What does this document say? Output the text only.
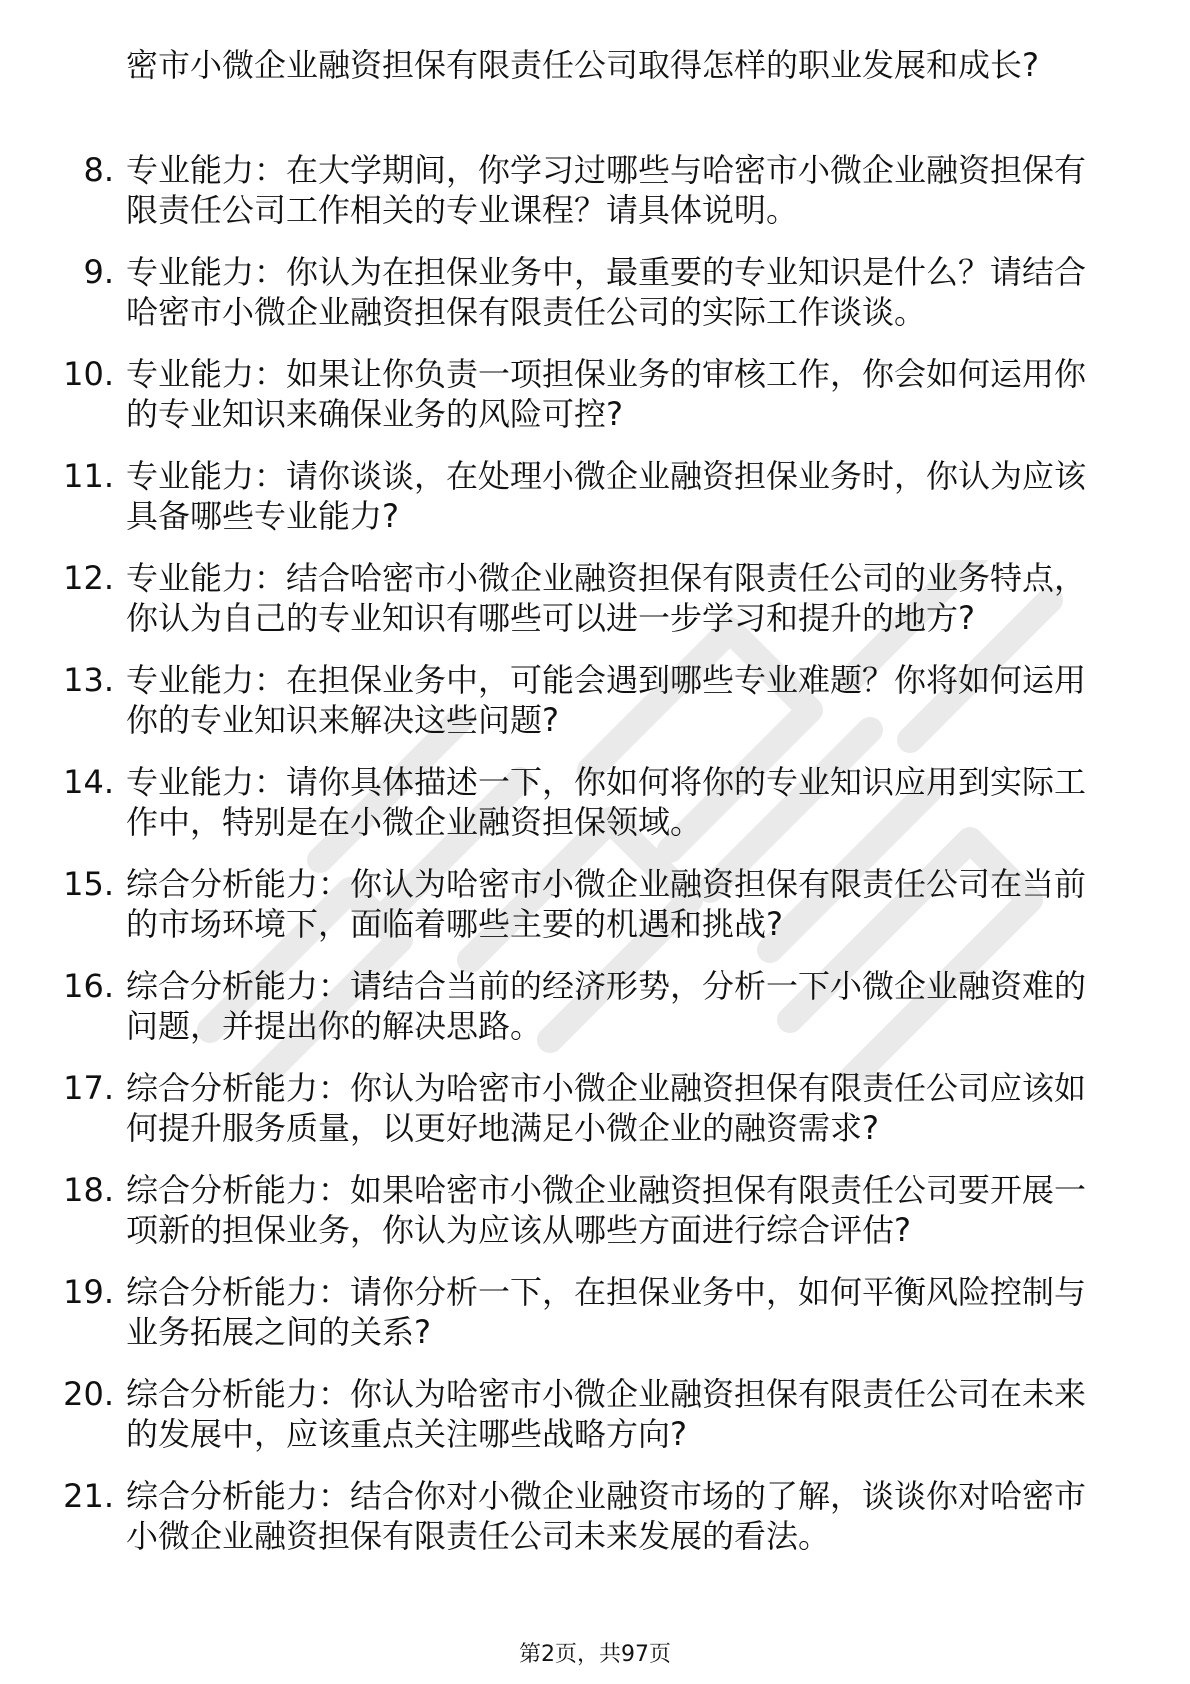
密市小微企业融资担保有限责任公司取得怎样的职业发展和成长?
8. 专业能力：在大学期间，你学习过哪些与哈密市小微企业融资担保有限责任公司工作相关的专业课程？请具体说明。
9. 专业能力：你认为在担保业务中，最重要的专业知识是什么？请结合哈密市小微企业融资担保有限责任公司的实际工作谈谈。
10. 专业能力：如果让你负责一项担保业务的审核工作，你会如何运用你的专业知识来确保业务的风险可控?
11. 专业能力：请你谈谈，在处理小微企业融资担保业务时，你认为应该具备哪些专业能力?
12. 专业能力：结合哈密市小微企业融资担保有限责任公司的业务特点，你认为自己的专业知识有哪些可以进一步学习和提升的地方?
13. 专业能力：在担保业务中，可能会遇到哪些专业难题？你将如何运用你的专业知识来解决这些问题?
14. 专业能力：请你具体描述一下，你如何将你的专业知识应用到实际工作中，特别是在小微企业融资担保领域。
15. 综合分析能力：你认为哈密市小微企业融资担保有限责任公司在当前的市场环境下，面临着哪些主要的机遇和挑战?
16. 综合分析能力：请结合当前的经济形势，分析一下小微企业融资难的问题，并提出你的解决思路。
17. 综合分析能力：你认为哈密市小微企业融资担保有限责任公司应该如何提升服务质量，以更好地满足小微企业的融资需求?
18. 综合分析能力：如果哈密市小微企业融资担保有限责任公司要开展一项新的担保业务，你认为应该从哪些方面进行综合评估?
19. 综合分析能力：请你分析一下，在担保业务中，如何平衡风险控制与业务拓展之间的关系?
20. 综合分析能力：你认为哈密市小微企业融资担保有限责任公司在未来的发展中，应该重点关注哪些战略方向?
21. 综合分析能力：结合你对小微企业融资市场的了解，谈谈你对哈密市小微企业融资担保有限责任公司未来发展的看法。
第2页，共97页
